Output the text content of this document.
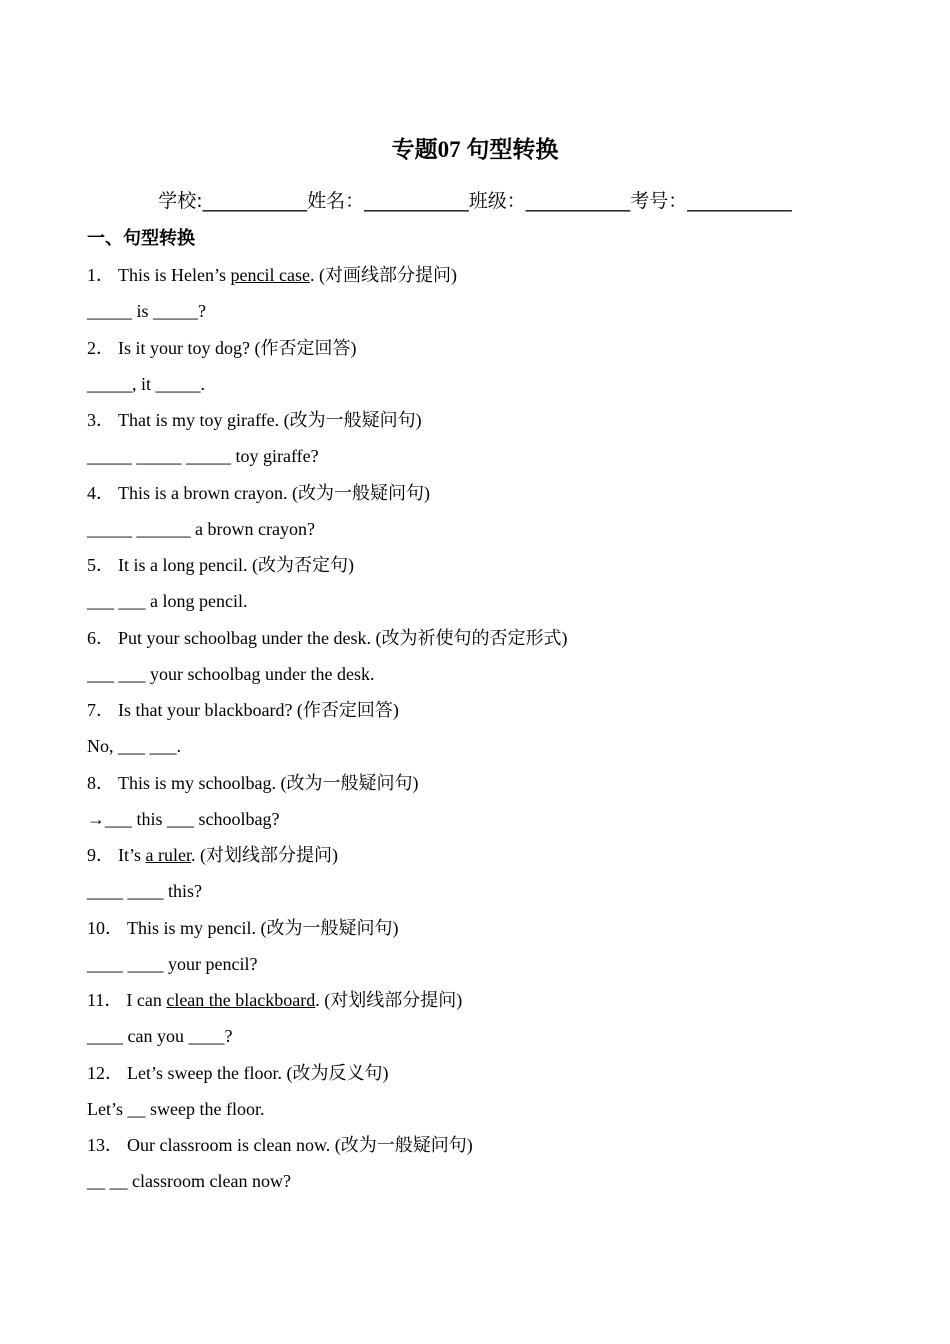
专题07 句型转换
学校:___________姓名：___________班级：___________考号：___________
一、句型转换
1． This is Helen’s pencil case. (对画线部分提问)
_____ is _____?
2． Is it your toy dog? (作否定回答)
_____, it _____.
3． That is my toy giraffe. (改为一般疑问句)
_____ _____ _____ toy giraffe?
4． This is a brown crayon. (改为一般疑问句)
_____ ______ a brown crayon?
5． It is a long pencil. (改为否定句)
___ ___ a long pencil.
6． Put your schoolbag under the desk. (改为祈使句的否定形式)
___ ___ your schoolbag under the desk.
7． Is that your blackboard? (作否定回答)
No, ___ ___.
8． This is my schoolbag. (改为一般疑问句)
→___ this ___ schoolbag?
9． It’s a ruler. (对划线部分提问)
____ ____ this?
10． This is my pencil. (改为一般疑问句)
____ ____ your pencil?
11． I can clean the blackboard. (对划线部分提问)
____ can you ____?
12． Let’s sweep the floor. (改为反义句)
Let’s __ sweep the floor.
13． Our classroom is clean now. (改为一般疑问句)
__ __ classroom clean now?
